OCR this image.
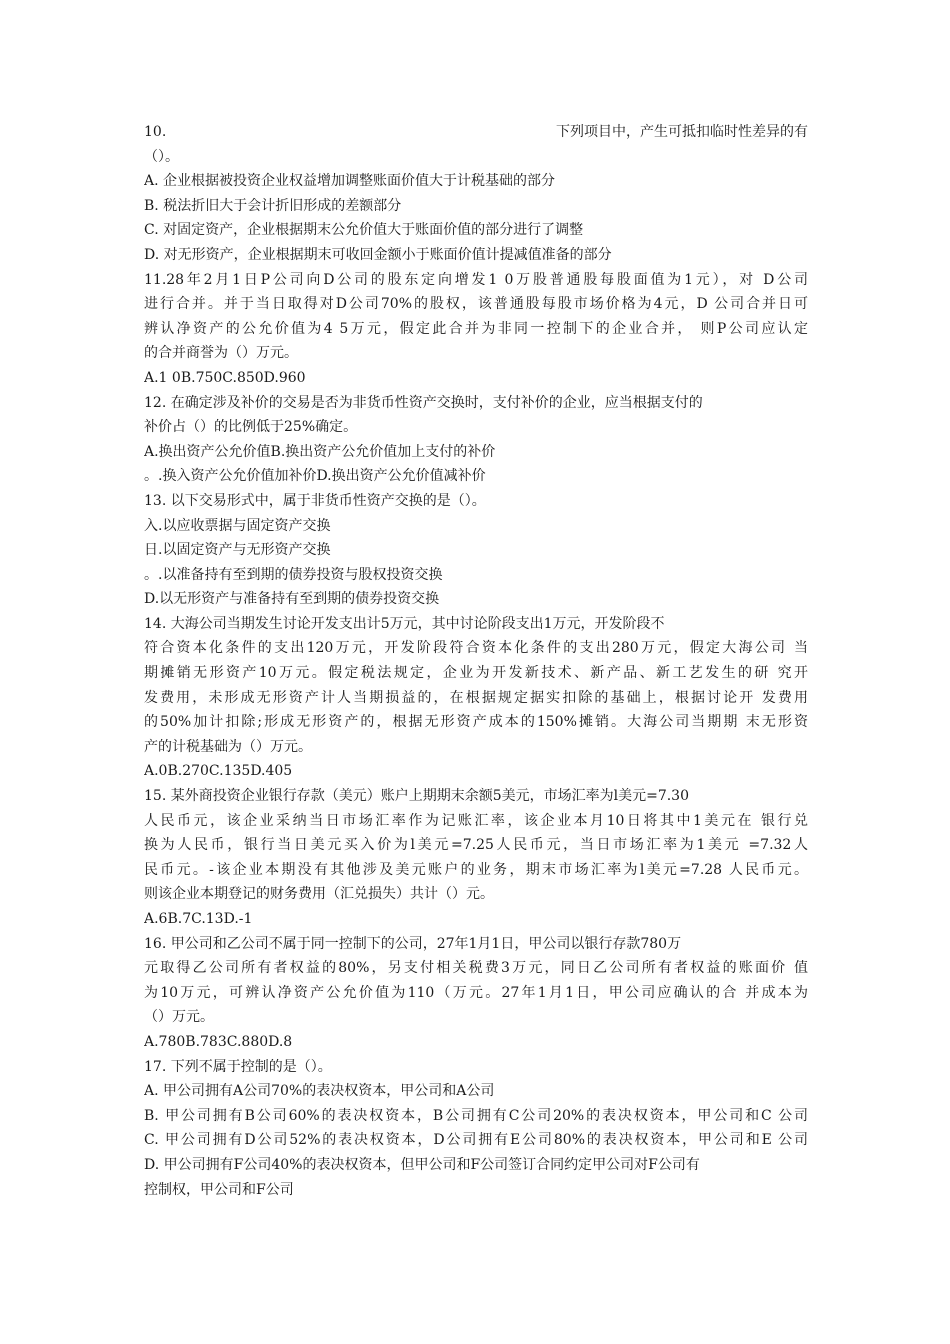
10.	下列项目中，产生可抵扣临时性差异的有
（）。
A. 企业根据被投资企业权益增加调整账面价值大于计税基础的部分
B. 税法折旧大于会计折旧形成的差额部分
C. 对固定资产，企业根据期末公允价值大于账面价值的部分进行了调整
D. 对无形资产，企业根据期末可收回金额小于账面价值计提减值准备的部分
11.28年2月1日P公司向D公司的股东定向增发1 0万股普通股每股面值为1元），对 D公司
进行合并。并于当日取得对D公司70%的股权，该普通股每股市场价格为4元，D 公司合并日可
辨认净资产的公允价值为4 5万元，假定此合并为非同一控制下的企业合并， 则P公司应认定
的合并商誉为（）万元。
A.1 0B.750C.850D.960
12. 在确定涉及补价的交易是否为非货币性资产交换时，支付补价的企业，应当根据支付的
补价占（）的比例低于25%确定。
A.换出资产公允价值B.换出资产公允价值加上支付的补价
。.换入资产公允价值加补价D.换出资产公允价值减补价
13. 以下交易形式中，属于非货币性资产交换的是（）。
入.以应收票据与固定资产交换
日.以固定资产与无形资产交换
。.以准备持有至到期的债券投资与股权投资交换
D.以无形资产与准备持有至到期的债券投资交换
14. 大海公司当期发生讨论开发支出计5万元，其中讨论阶段支出1万元，开发阶段不
符合资本化条件的支出120万元，开发阶段符合资本化条件的支出280万元，假定大海公司 当
期摊销无形资产10万元。假定税法规定，企业为开发新技术、新产品、新工艺发生的研 究开
发费用，未形成无形资产计人当期损益的，在根据规定据实扣除的基础上，根据讨论开 发费用
的50%加计扣除;形成无形资产的，根据无形资产成本的150%摊销。大海公司当期期 末无形资
产的计税基础为（）万元。
A.0B.270C.135D.405
15. 某外商投资企业银行存款（美元）账户上期期末余额5美元，市场汇率为l美元=7.30
人民币元，该企业采纳当日市场汇率作为记账汇率，该企业本月10日将其中1美元在 银行兑
换为人民币，银行当日美元买入价为l美元=7.25人民币元，当日市场汇率为1美元 =7.32人
民币元。-该企业本期没有其他涉及美元账户的业务，期末市场汇率为l美元=7.28 人民币元。
则该企业本期登记的财务费用（汇兑损失）共计（）元。
A.6B.7C.13D.-1
16. 甲公司和乙公司不属于同一控制下的公司，27年1月1日，甲公司以银行存款780万
元取得乙公司所有者权益的80%，另支付相关税费3万元，同日乙公司所有者权益的账面价 值
为10万元，可辨认净资产公允价值为110（万元。27年1月1日，甲公司应确认的合 并成本为
（）万元。
A.780B.783C.880D.8
17. 下列不属于控制的是（）。
A. 甲公司拥有A公司70%的表决权资本，甲公司和A公司
B. 甲公司拥有B公司60%的表决权资本，B公司拥有C公司20%的表决权资本，甲公司和C 公司
C. 甲公司拥有D公司52%的表决权资本，D公司拥有E公司80%的表决权资本，甲公司和E 公司
D. 甲公司拥有F公司40%的表决权资本，但甲公司和F公司签订合同约定甲公司对F公司有
控制权，甲公司和F公司
